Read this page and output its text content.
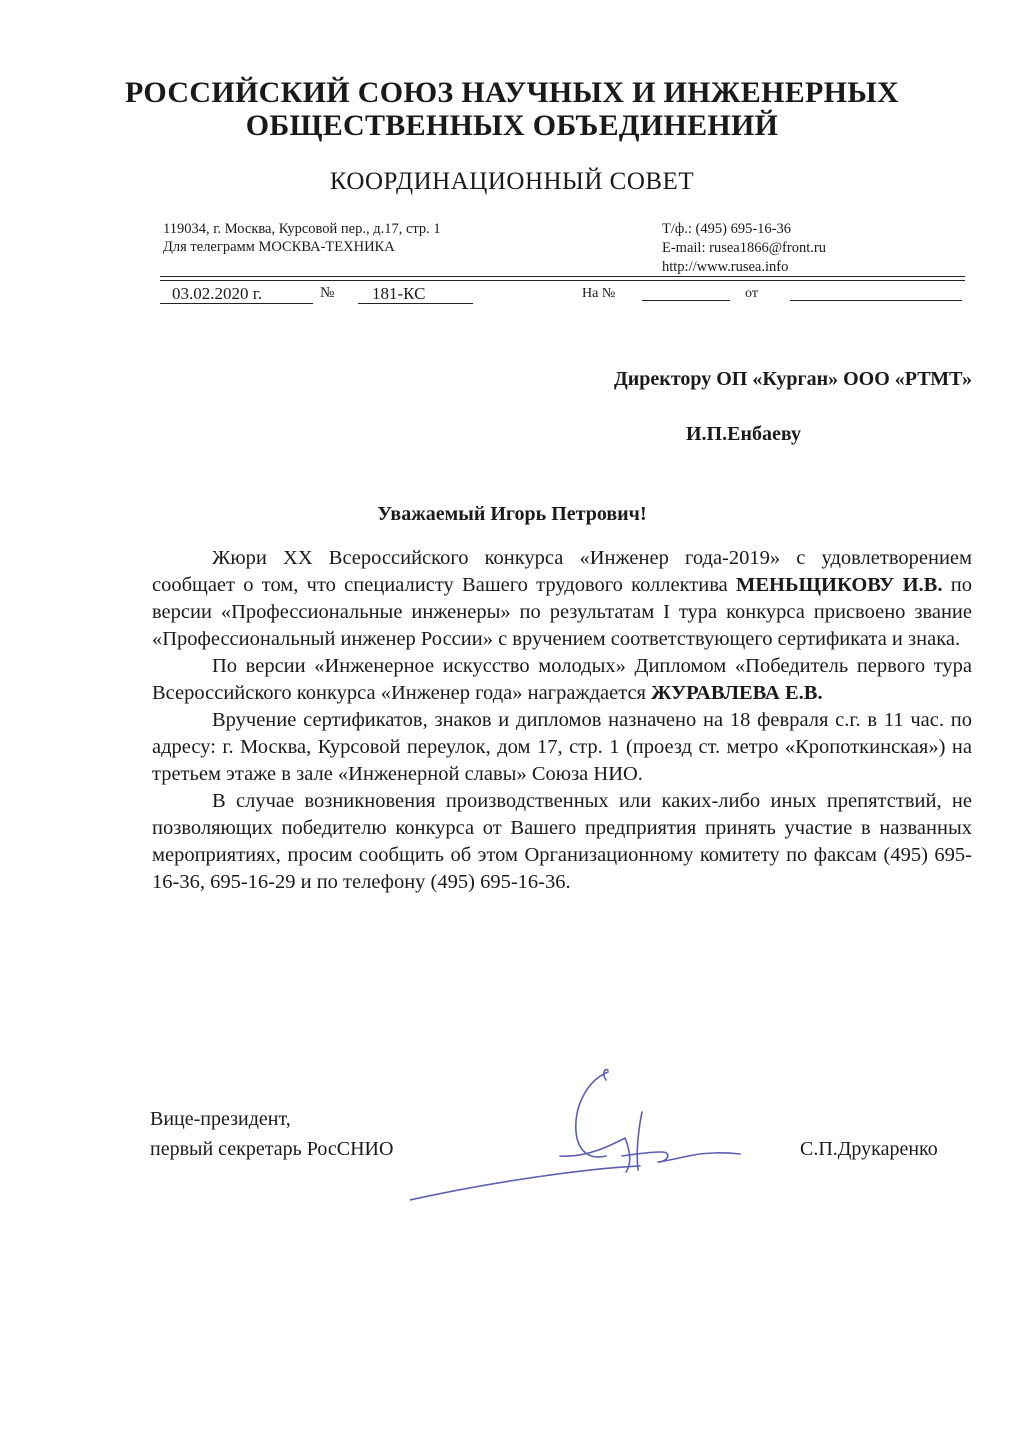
РОССИЙСКИЙ СОЮЗ НАУЧНЫХ И ИНЖЕНЕРНЫХ
ОБЩЕСТВЕННЫХ ОБЪЕДИНЕНИЙ
КООРДИНАЦИОННЫЙ СОВЕТ
119034, г. Москва, Курсовой пер., д.17, стр. 1
Для телеграмм МОСКВА-ТЕХНИКА
Т/ф.: (495) 695-16-36
E-mail: rusea1866@front.ru
http://www.rusea.info
03.02.2020 г.	№ 181-КС	На №	от
Директору ОП «Курган» ООО «РТМТ»
И.П.Енбаеву
Уважаемый Игорь Петрович!

Жюри XX Всероссийского конкурса «Инженер года-2019» с удовлетворением сообщает о том, что специалисту Вашего трудового коллектива МЕНЬЩИКОВУ И.В. по версии «Профессиональные инженеры» по результатам I тура конкурса присвоено звание «Профессиональный инженер России» с вручением соответствующего сертификата и знака.

По версии «Инженерное искусство молодых» Дипломом «Победитель первого тура Всероссийского конкурса «Инженер года» награждается ЖУРАВЛЕВА Е.В.

Вручение сертификатов, знаков и дипломов назначено на 18 февраля с.г. в 11 час. по адресу: г. Москва, Курсовой переулок, дом 17, стр. 1 (проезд ст. метро «Кропоткинская») на третьем этаже в зале «Инженерной славы» Союза НИО.

В случае возникновения производственных или каких-либо иных препятствий, не позволяющих победителю конкурса от Вашего предприятия принять участие в названных мероприятиях, просим сообщить об этом Организационному комитету по факсам (495) 695-16-36, 695-16-29 и по телефону (495) 695-16-36.

Вице-президент,
первый секретарь РосСНИО	С.П.Друкаренко
